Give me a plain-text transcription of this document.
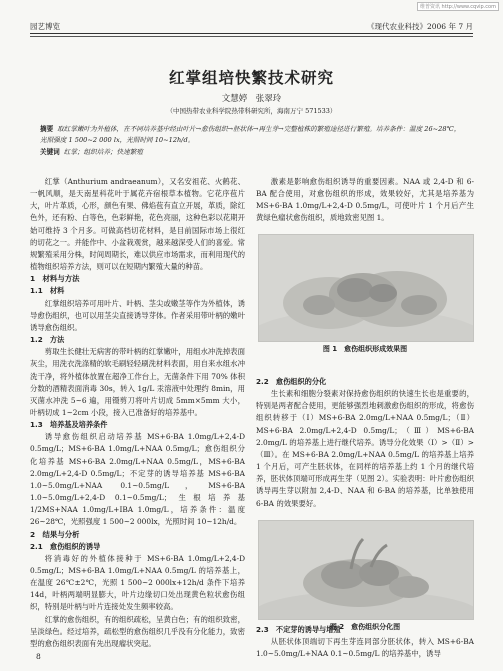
维普资讯 http://www.cqvip.com
园艺博览	《现代农业科技》2006 年 7 月
红掌组培快繁技术研究
文慧婷　张翠玲
（中国热带农业科学院热带科研究所，海南万宁 571533）
摘要 取红掌嫩叶为外植体，在不同培养基中经由叶片→愈伤组织→胚状体→再生芽→完整植株的繁殖途径进行繁殖。培养条件：温度 26~28℃，光照强度 1 500~2 000 lx，光照时间 10~12h/d。
关键词 红掌；组织培养；快速繁殖

红掌（Anthurium andraeanum），又名安祖花、火鹤花、一帆风顺，是天南星科花叶于属花卉宿根草本植物。它花序苞片大，叶片革质，心形，颜色有果、佛焰苞有直立开展，革质，除红色外，还有粉、白等色，色彩鲜艳，花色亮丽，这种色彩以花期开始可维持 3 个月多。可做高档切花材料，是目前国际市场上很红的切花之一。并能作中、小盆栽观赏，越来越深受人们的喜爱。常规繁殖采用分株，时间周期长，难以供应市场需求，而利用现代的植物组织培养方法，则可以在短期内繁殖大量的种苗。

1　材料与方法

1.1　材料

红掌组织培养可用叶片、叶柄、茎尖或嫩茎等作为外植体，诱导愈伤组织，也可以用茎尖直接诱导芽体。作者采用带叶柄的嫩叶诱导愈伤组织。

1.2　方法

剪取生长健壮无病害的带叶柄的红掌嫩叶，用组水冲洗掉表面灰尘，用洗衣洗涤精的软毛刷轻轻刷洗材料表面，用自来水组水冲洗干净，将外植体放置在超净工作台上，无菌条件下用 70% 体积分数的酒精表面消毒 30s，转入 1g/L 汞溶液中处理约 8min，用灭菌水冲洗 5~6 遍，用镊剪刀将叶片切成 5mm×5mm 大小，叶柄切成 1~2cm 小段，接入已准备好的培养基中。

1.3　培养基及培养条件

诱导愈伤组织启动培养基 MS+6-BA 1.0mg/L+2,4-D 0.5mg/L；MS+6-BA 1.0mg/L+NAA 0.5mg/L；愈伤组织分化培养基 MS+6-BA 2.0mg/L+NAA 0.5mg/L，MS+6-BA 2.0mg/L+2,4-D 0.5mg/L；不定芽的诱导培养基 MS+6-BA 1.0~5.0mg/L+NAA 0.1~0.5mg/L，MS+6-BA 1.0~5.0mg/L+2,4-D 0.1~0.5mg/L；生根培养基 1/2MS+NAA 1.0mg/L+IBA 1.0mg/L，培养条件：温度 26~28℃，光照强度 1 500~2 000lx，光照时间 10~12h/d。

2　结果与分析

2.1　愈伤组织的诱导

将消毒好的外植体接种于 MS+6-BA 1.0mg/L+2,4-D 0.5mg/L；MS+6-BA 1.0mg/L+NAA 0.5mg/L 的培养基上，在温度 26℃±2℃，光照 1 500~2 000lx+12h/d 条件下培养 14d，叶柄两端明显膨大，叶片边缘切口处出现黄色粒状愈伤组织，特别是叶柄与叶片连接处发生频率较高。

红掌的愈伤组织，有的组织疏松，呈黄白色；有的组织致密，呈淡绿色。经过培养，疏松型的愈伤组织几乎没有分化能力，致密型的愈伤组织表面有先出现瘤状突起。

激素是影响愈伤组织诱导的重要因素。NAA 或 2,4-D 和 6-BA 配合使用，对愈伤组织的形成，效果较好，尤其是培养基为 MS+6-BA 1.0mg/L+2,4-D 0.5mg/L，可使叶片 1 个月后产生黄绿色瘤状愈伤组织，质地致密见图 1。

图 1　愈伤组织形成效果图

2.2　愈伤组织的分化

生长素和细胞分裂素对保持愈伤组织的快速生长也是重要的，特别是两者配合使用，更能够强烈地刺激愈伤组织的形成，将愈伤组织转移于（Ⅰ）MS+6-BA 2.0mg/L+NAA 0.5mg/L；（Ⅱ）MS+6-BA 2.0mg/L+2,4-D 0.5mg/L；（Ⅲ）MS+6-BA 2.0mg/L 的培养基上进行继代培养。诱导分化效果（Ⅰ）>（Ⅱ）>（Ⅲ）。在 MS+6-BA 2.0mg/L+NAA 0.5mg/L 的培养基上培养 1 个月后，可产生胚状体，在同样的培养基上约 1 个月的继代培养，胚状体顶端可形成再生芽（见图 2）。实验表明：叶片愈伤组织诱导再生芽以附加 2,4-D、NAA 和 6-BA 的培养基，比单独使用 6-BA 的效果要好。

图 2　愈伤组织分化图

2.3　不定芽的诱导与增殖

从胚状体顶端切下再生芽连同部分胚状体，转入 MS+6-BA 1.0~5.0mg/L+NAA 0.1~0.5mg/L 的培养基中，诱导

8
